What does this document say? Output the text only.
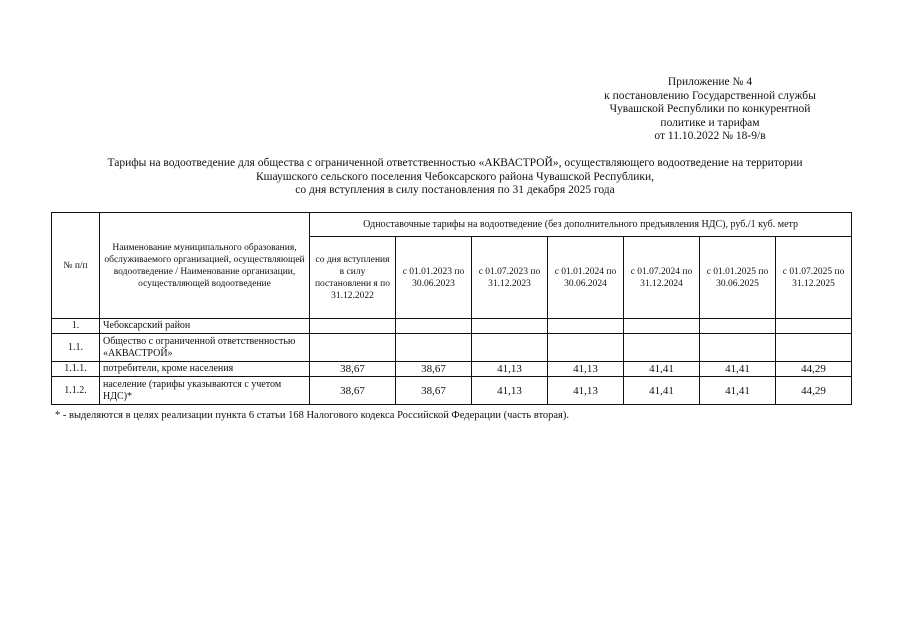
Приложение № 4
к постановлению Государственной службы
Чувашской Республики по конкурентной
политике и тарифам
от 11.10.2022 № 18-9/в
Тарифы на водоотведение для общества с ограниченной ответственностью «АКВАСТРОЙ», осуществляющего водоотведение на территории
Кшаушского сельского поселения Чебоксарского района Чувашской Республики,
со дня вступления в силу постановления по 31 декабря 2025 года
№ п/п	Наименование муниципального образования, обслуживаемого организацией, осуществляющей водоотведение / Наименование организации, осуществляющей водоотведение	Одноставочные тарифы на водоотведение (без дополнительного предъявления НДС), руб./1 куб. метр						
		со дня вступления в силу постановлени я по 31.12.2022	с 01.01.2023 по 30.06.2023	с 01.07.2023 по 31.12.2023	с 01.01.2024 по 30.06.2024	с 01.07.2024 по 31.12.2024	с 01.01.2025 по 30.06.2025	с 01.07.2025 по 31.12.2025
1.	Чебоксарский район							
1.1.	Общество с ограниченной ответственностью «АКВАСТРОЙ»							
1.1.1.	потребители, кроме населения	38,67	38,67	41,13	41,13	41,41	41,41	44,29
1.1.2.	население (тарифы указываются с учетом НДС)*	38,67	38,67	41,13	41,13	41,41	41,41	44,29
* - выделяются в целях реализации пункта 6 статьи 168 Налогового кодекса Российской Федерации (часть вторая).
